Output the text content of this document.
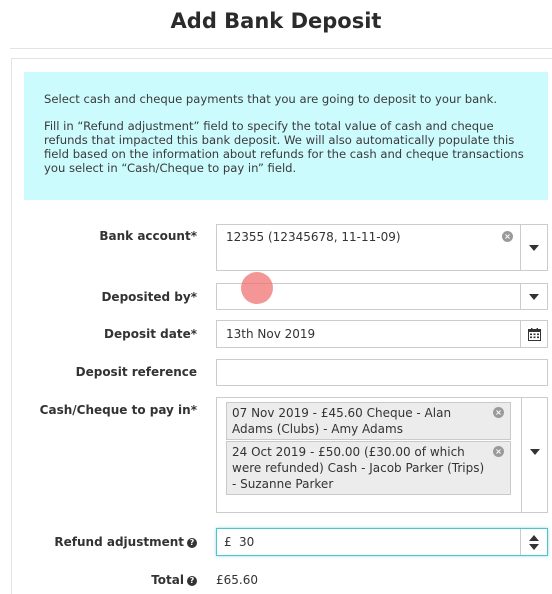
Add Bank Deposit

Select cash and cheque payments that you are going to deposit to your bank.

Fill in “Refund adjustment” field to specify the total value of cash and cheque refunds that impacted this bank deposit. We will also automatically populate this field based on the information about refunds for the cash and cheque transactions you select in “Cash/Cheque to pay in” field.

Bank account* 12355 (12345678, 11-11-09)	×
Deposited by*
Deposit date* 13th Nov 2019
Deposit reference
Cash/Cheque to pay in*	07 Nov 2019 - £45.60 Cheque - Alan Adams (Clubs) - Amy Adams
×
24 Oct 2019 - £50.00 (£30.00 of which were refunded) Cash - Jacob Parker (Trips) - Suzanne Parker
×
Refund adjustment ? £ 30
Total ? £65.60
